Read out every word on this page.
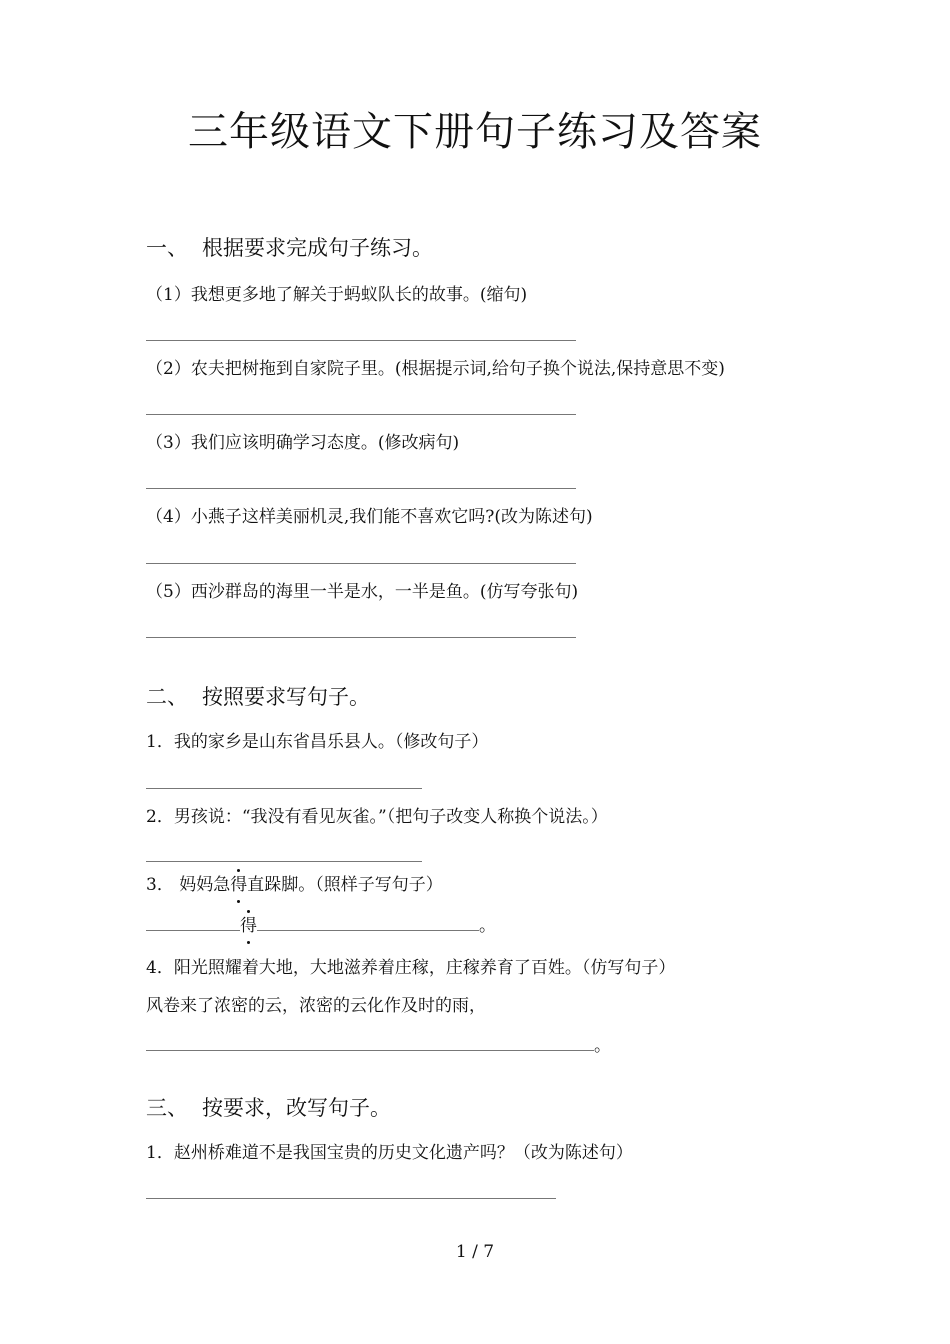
三年级语文下册句子练习及答案
一、 根据要求完成句子练习。
（1）我想更多地了解关于蚂蚁队长的故事。(缩句)
（2）农夫把树拖到自家院子里。(根据提示词,给句子换个说法,保持意思不变)
（3）我们应该明确学习态度。(修改病句)
（4）小燕子这样美丽机灵,我们能不喜欢它吗?(改为陈述句)
（5）西沙群岛的海里一半是水，一半是鱼。(仿写夸张句)
二、 按照要求写句子。
1．我的家乡是山东省昌乐县人。（修改句子）
2．男孩说：“我没有看见灰雀。”（把句子改变人称换个说法。）
3． 妈妈急得直跺脚。（照样子写句子）
得	。
4．阳光照耀着大地，大地滋养着庄稼，庄稼养育了百姓。（仿写句子）
风卷来了浓密的云，浓密的云化作及时的雨，
。
三、 按要求，改写句子。
1．赵州桥难道不是我国宝贵的历史文化遗产吗？（改为陈述句）
1 / 7
